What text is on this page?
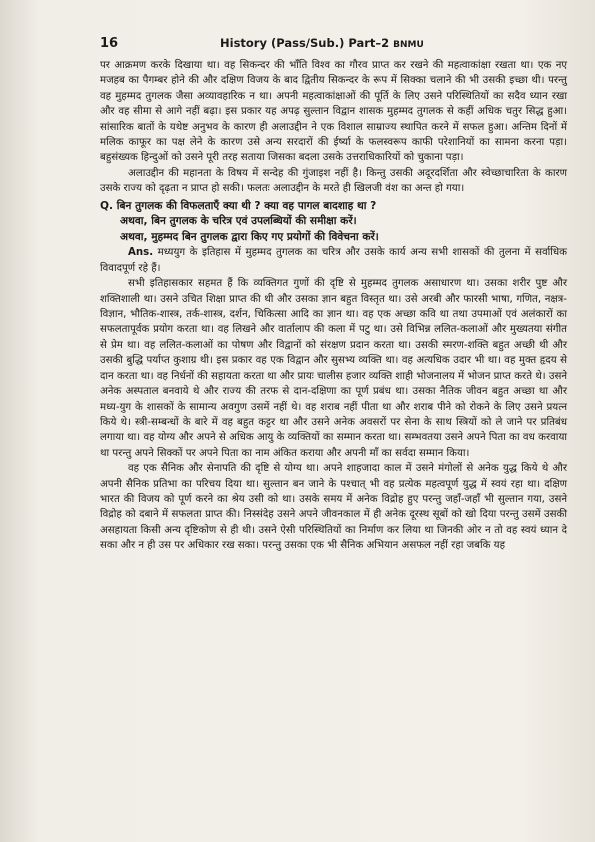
16	History (Pass/Sub.) Part–2 BNMU

पर आक्रमण करके दिखाया था। वह सिकन्दर की भाँति विश्व का गौरव प्राप्त कर रखने की महत्वाकांक्षा रखता था। एक नए मजहब का पैगम्बर होने की और दक्षिण विजय के बाद द्वितीय सिकन्दर के रूप में सिक्का चलाने की भी उसकी इच्छा थी। परन्तु वह मुहम्मद तुगलक जैसा अव्यावहारिक न था। अपनी महत्वाकांक्षाओं की पूर्ति के लिए उसने परिस्थितियों का सदैव ध्यान रखा और वह सीमा से आगे नहीं बढ़ा। इस प्रकार यह अपढ़ सुल्तान विद्वान शासक मुहम्मद तुगलक से कहीं अधिक चतुर सिद्ध हुआ। सांसारिक बातों के यथेष्ट अनुभव के कारण ही अलाउद्दीन ने एक विशाल साम्राज्य स्थापित करने में सफल हुआ। अन्तिम दिनों में मलिक काफूर का पक्ष लेने के कारण उसे अन्य सरदारों की ईर्ष्या के फलस्वरूप काफी परेशानियों का सामना करना पड़ा। बहुसंख्यक हिन्दुओं को उसने पूरी तरह सताया जिसका बदला उसके उत्तराधिकारियों को चुकाना पड़ा।

अलाउद्दीन की महानता के विषय में सन्देह की गुंजाइश नहीं है। किन्तु उसकी अदूरदर्शिता और स्वेच्छाचारिता के कारण उसके राज्य को दृढ़ता न प्राप्त हो सकी। फलतः अलाउद्दीन के मरते ही खिलजी वंश का अन्त हो गया।

Q. बिन तुगलक की विफलताएँ क्या थी ? क्या वह पागल बादशाह था ?
अथवा, बिन तुगलक के चरित्र एवं उपलब्धियों की समीक्षा करें।
अथवा, मुहम्मद बिन तुगलक द्वारा किए गए प्रयोगों की विवेचना करें।

Ans. मध्ययुग के इतिहास में मुहम्मद तुगलक का चरित्र और उसके कार्य अन्य सभी शासकों की तुलना में सर्वाधिक विवादपूर्ण रहे हैं।

सभी इतिहासकार सहमत हैं कि व्यक्तिगत गुणों की दृष्टि से मुहम्मद तुगलक असाधारण था। उसका शरीर पुष्ट और शक्तिशाली था। उसने उचित शिक्षा प्राप्त की थी और उसका ज्ञान बहुत विस्तृत था। उसे अरबी और फारसी भाषा, गणित, नक्षत्र-विज्ञान, भौतिक-शास्त्र, तर्क-शास्त्र, दर्शन, चिकित्सा आदि का ज्ञान था। वह एक अच्छा कवि था तथा उपमाओं एवं अलंकारों का सफलतापूर्वक प्रयोग करता था। वह लिखने और वार्तालाप की कला में पटु था। उसे विभिन्न ललित-कलाओं और मुख्यतया संगीत से प्रेम था। वह ललित-कलाओं का पोषण और विद्वानों को संरक्षण प्रदान करता था। उसकी स्मरण-शक्ति बहुत अच्छी थी और उसकी बुद्धि पर्याप्त कुशाग्र थी। इस प्रकार वह एक विद्वान और सुसभ्य व्यक्ति था। वह अत्यधिक उदार भी था। वह मुक्त हृदय से दान करता था। वह निर्धनों की सहायता करता था और प्रायः चालीस हजार व्यक्ति शाही भोजनालय में भोजन प्राप्त करते थे। उसने अनेक अस्पताल बनवाये थे और राज्य की तरफ से दान-दक्षिणा का पूर्ण प्रबंध था। उसका नैतिक जीवन बहुत अच्छा था और मध्य-युग के शासकों के सामान्य अवगुण उसमें नहीं थे। वह शराब नहीं पीता था और शराब पीने को रोकने के लिए उसने प्रयत्न किये थे। स्त्री-सम्बन्धों के बारे में वह बहुत कट्टर था और उसने अनेक अवसरों पर सेना के साथ स्त्रियों को ले जाने पर प्रतिबंध लगाया था। वह योग्य और अपने से अधिक आयु के व्यक्तियों का सम्मान करता था। सम्भवतया उसने अपने पिता का वध करवाया था परन्तु अपने सिक्कों पर अपने पिता का नाम अंकित कराया और अपनी माँ का सर्वदा सम्मान किया।

वह एक सैनिक और सेनापति की दृष्टि से योग्य था। अपने शाहजादा काल में उसने मंगोलों से अनेक युद्ध किये थे और अपनी सैनिक प्रतिभा का परिचय दिया था। सुल्तान बन जाने के पश्चात् भी वह प्रत्येक महत्वपूर्ण युद्ध में स्वयं रहा था। दक्षिण भारत की विजय को पूर्ण करने का श्रेय उसी को था। उसके समय में अनेक विद्रोह हुए परन्तु जहाँ-जहाँ भी सुल्तान गया, उसने विद्रोह को दबाने में सफलता प्राप्त की। निस्संदेह उसने अपने जीवनकाल में ही अनेक दूरस्थ सूबों को खो दिया परन्तु उसमें उसकी असहायता किसी अन्य दृष्टिकोण से ही थी। उसने ऐसी परिस्थितियों का निर्माण कर लिया था जिनकी ओर न तो वह स्वयं ध्यान दे सका और न ही उस पर अधिकार रख सका। परन्तु उसका एक भी सैनिक अभियान असफल नहीं रहा जबकि यह
